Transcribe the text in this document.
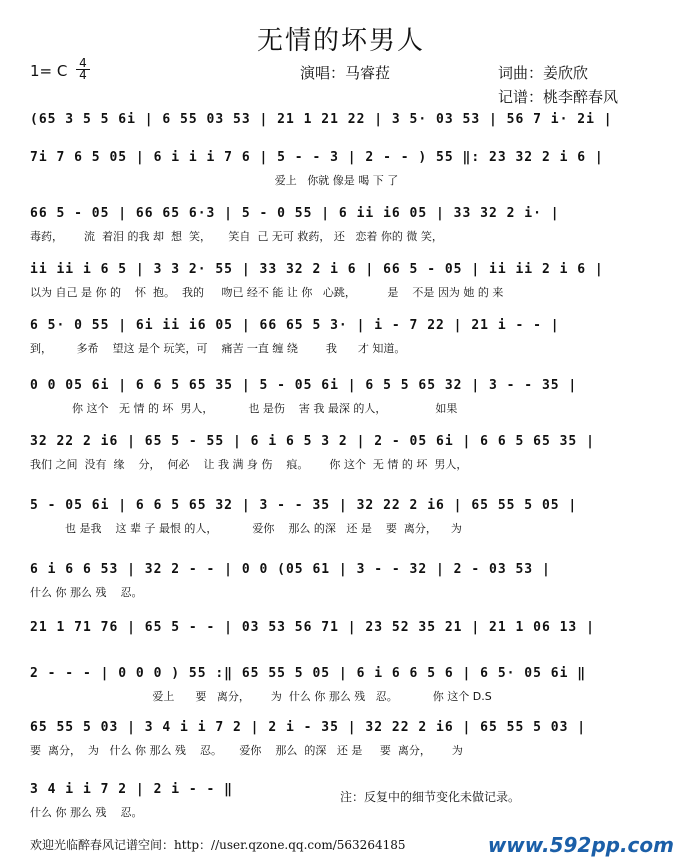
无情的坏男人
1= C 4
4	演唱：马睿菈	词曲：姜欣欣
记谱：桃李醉春风
(65 3 5 5 6i | 6 55 03 53 | 21 1 21 22 | 3 5· 03 53 | 56 7 i· 2i |
7i 7 6 5 05 | 6 i i i 7 6 | 5 - - 3 | 2 - - ) 55 ‖: 23 32 2 i 6 |
爱上   你就 像是 喝 下 了
66 5 - 05 | 66 65 6·3 | 5 - 0 55 | 6 ii i6 05 | 33 32 2 i· |
毒药，      流  着泪 的我 却  想  笑，     笑自  己 无可 救药， 还   恋着 你的 微 笑，
ii ii i 6 5 | 3 3 2· 55 | 33 32 2 i 6 | 66 5 - 05 | ii ii 2 i 6 |
以为 自己 是 你 的    怀  抱。  我的     吻已 经不 能 让 你   心跳，         是    不是 因为 她 的 来
6 5· 0 55 | 6i ii i6 05 | 66 65 5 3· | i - 7 22 | 21 i - - |
到，       多希    望这 是个 玩笑，可    痛苦 一直 缠 绕        我      才 知道。
0 0 05 6i | 6 6 5 65 35 | 5 - 05 6i | 6 5 5 65 32 | 3 - - 35 |
你 这个   无 情 的 坏  男人，          也 是伤    害 我 最深 的人，              如果
32 22 2 i6 | 65 5 - 55 | 6 i 6 5 3 2 | 2 - 05 6i | 6 6 5 65 35 |
我们 之间  没有  缘    分，  何必    让 我 满 身 伤    痕。      你 这个  无 情 的 坏  男人，
5 - 05 6i | 6 6 5 65 32 | 3 - - 35 | 32 22 2 i6 | 65 55 5 05 |
也 是我    这 辈 子 最恨 的人，          爱你    那么 的深   还 是    要  离分，    为
6 i 6 6 53 | 32 2 - - | 0 0 (05 61 | 3 - - 32 | 2 - 03 53 |
什么 你 那么 残    忍。
21 1 71 76 | 65 5 - - | 03 53 56 71 | 23 52 35 21 | 21 1 06 13 |
2 - - - | 0 0 0 ) 55 :‖ 65 55 5 05 | 6 i 6 6 5 6 | 6 5· 05 6i ‖
爱上      要   离分，      为  什么 你 那么 残   忍。          你 这个 D.S
65 55 5 03 | 3 4 i i 7 2 | 2 i - 35 | 32 22 2 i6 | 65 55 5 03 |
要  离分，  为   什么 你 那么 残    忍。     爱你    那么  的深   还 是     要  离分，      为
3 4 i i 7 2 | 2 i - - ‖
什么 你 那么 残    忍。
注：反复中的细节变化未做记录。
欢迎光临醉春风记谱空间：http：//user.qzone.qq.com/563264185	www.592pp.com
